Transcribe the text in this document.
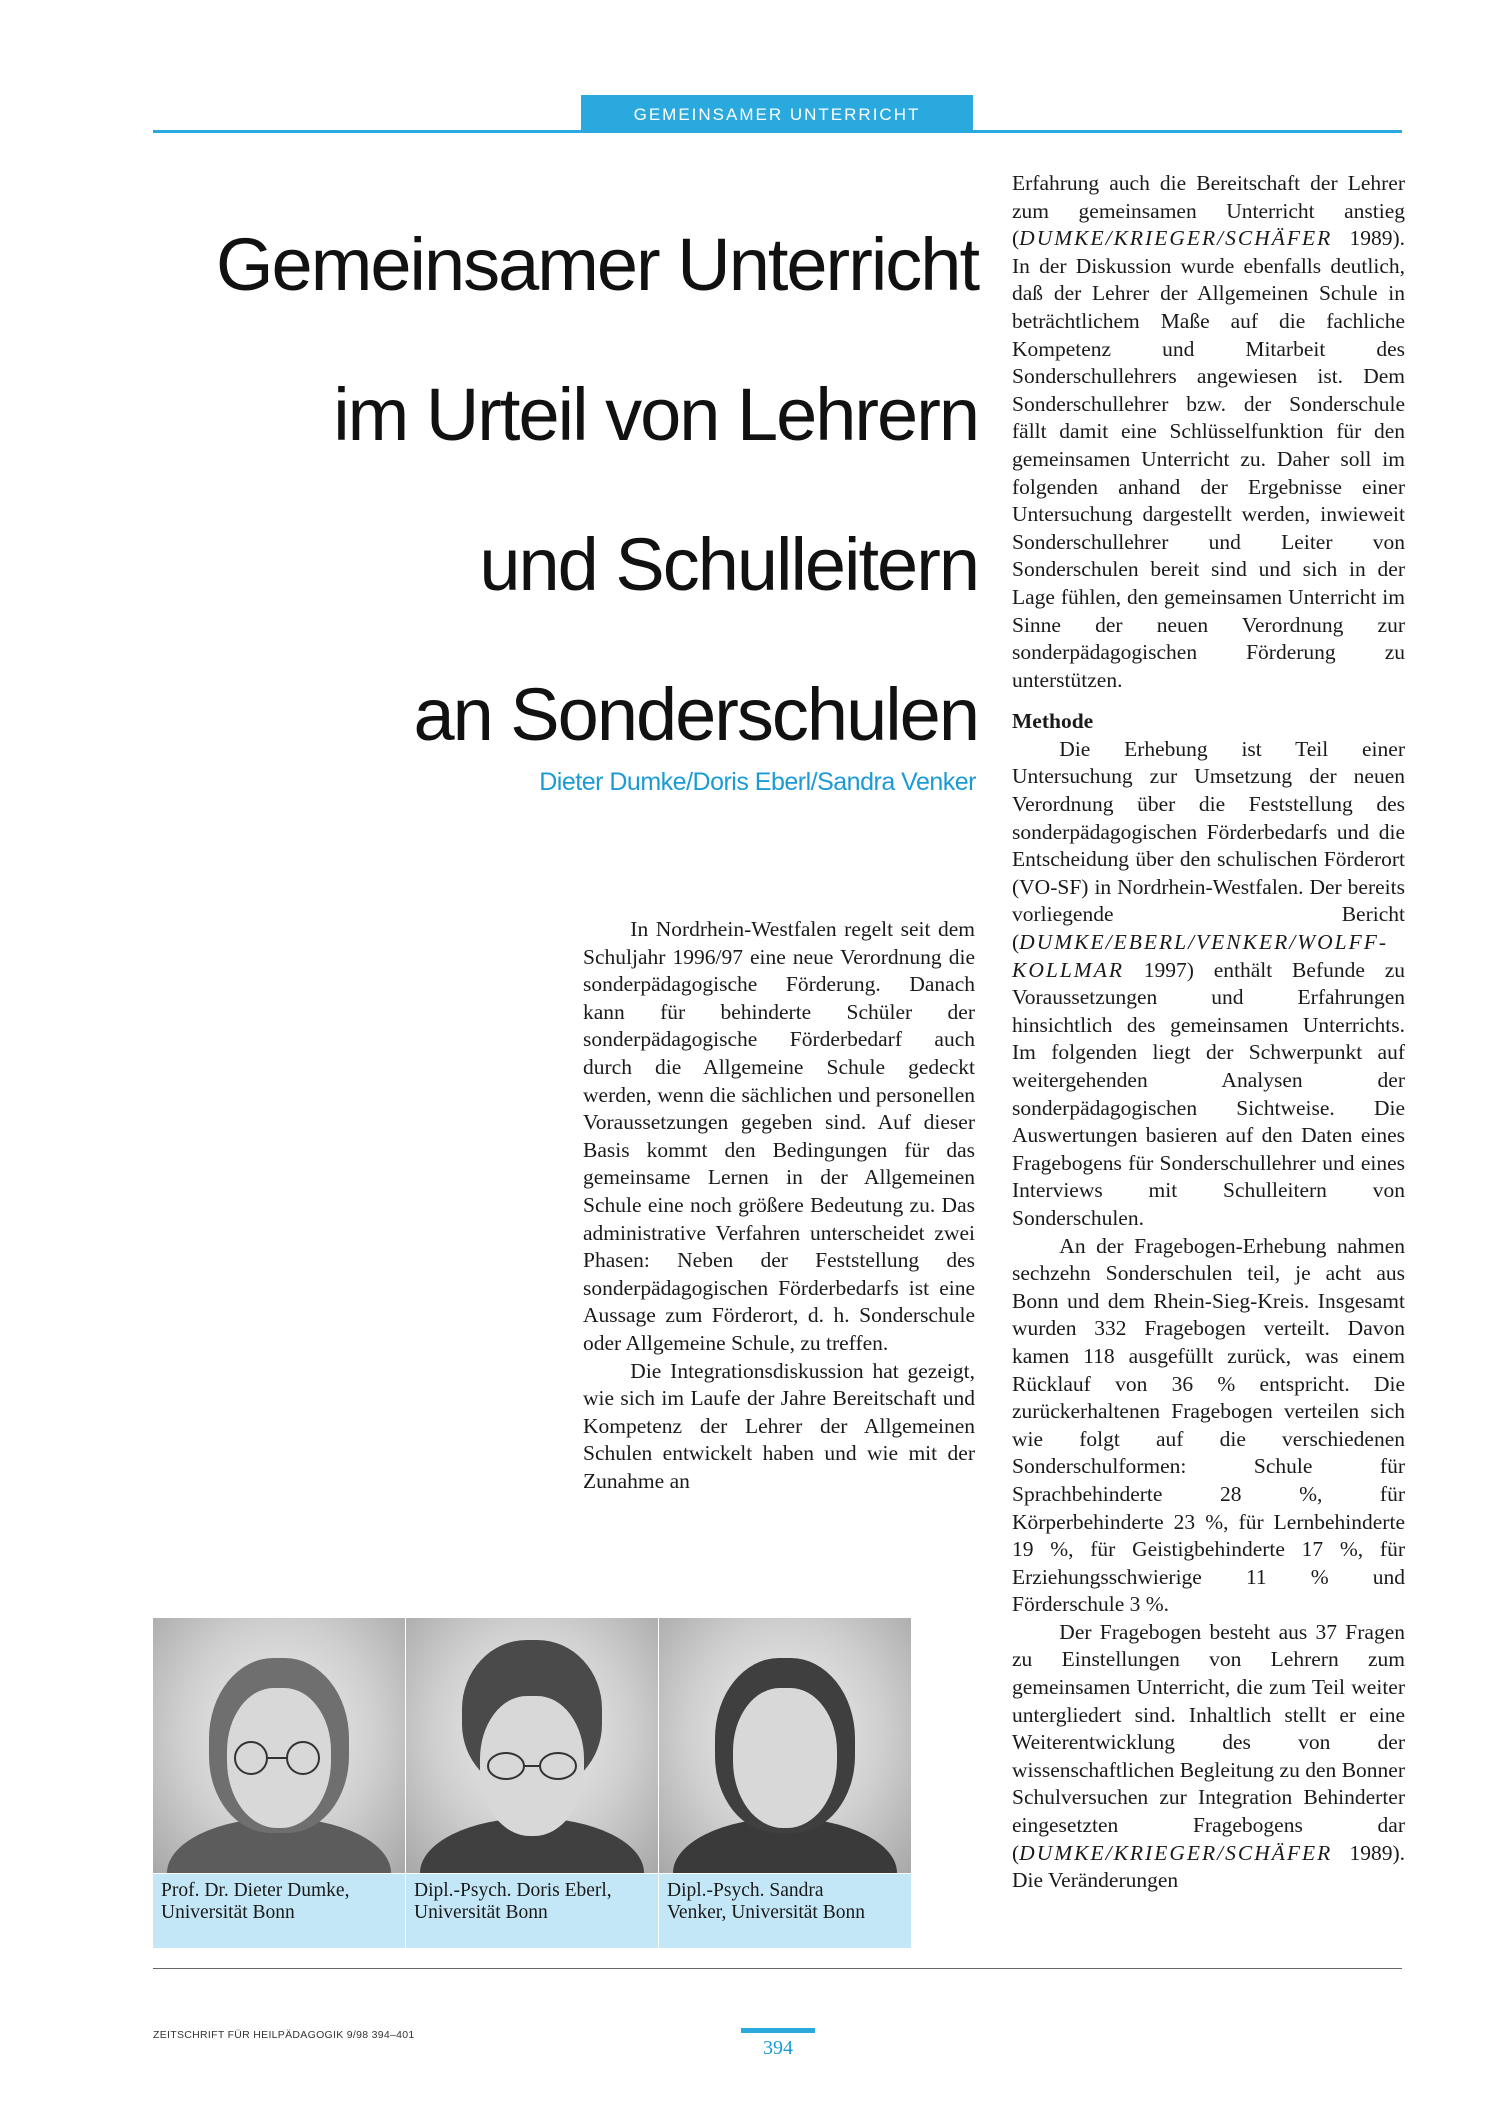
GEMEINSAMER UNTERRICHT
Gemeinsamer Unterricht
im Urteil von Lehrern
und Schulleitern
an Sonderschulen
Dieter Dumke/Doris Eberl/Sandra Venker

In Nordrhein-Westfalen regelt seit dem Schuljahr 1996/97 eine neue Verordnung die sonderpädagogische Förderung. Danach kann für behinderte Schüler der sonderpädagogische Förderbedarf auch durch die Allgemeine Schule gedeckt werden, wenn die sächlichen und personellen Voraussetzungen gegeben sind. Auf dieser Basis kommt den Bedingungen für das gemeinsame Lernen in der Allgemeinen Schule eine noch größere Bedeutung zu. Das administrative Verfahren unterscheidet zwei Phasen: Neben der Feststellung des sonderpädagogischen Förderbedarfs ist eine Aussage zum Förderort, d. h. Sonderschule oder Allgemeine Schule, zu treffen.

Die Integrationsdiskussion hat gezeigt, wie sich im Laufe der Jahre Bereitschaft und Kompetenz der Lehrer der Allgemeinen Schulen entwickelt haben und wie mit der Zunahme an

Erfahrung auch die Bereitschaft der Lehrer zum gemeinsamen Unterricht anstieg (DUMKE/KRIEGER/SCHÄFER 1989). In der Diskussion wurde ebenfalls deutlich, daß der Lehrer der Allgemeinen Schule in beträchtlichem Maße auf die fachliche Kompetenz und Mitarbeit des Sonderschullehrers angewiesen ist. Dem Sonderschullehrer bzw. der Sonderschule fällt damit eine Schlüsselfunktion für den gemeinsamen Unterricht zu. Daher soll im folgenden anhand der Ergebnisse einer Untersuchung dargestellt werden, inwieweit Sonderschullehrer und Leiter von Sonderschulen bereit sind und sich in der Lage fühlen, den gemeinsamen Unterricht im Sinne der neuen Verordnung zur sonderpädagogischen Förderung zu unterstützen.

Methode

Die Erhebung ist Teil einer Untersuchung zur Umsetzung der neuen Verordnung über die Feststellung des sonderpädagogischen Förderbedarfs und die Entscheidung über den schulischen Förderort (VO-SF) in Nordrhein-Westfalen. Der bereits vorliegende Bericht (DUMKE/EBERL/VENKER/WOLFF-KOLLMAR 1997) enthält Befunde zu Voraussetzungen und Erfahrungen hinsichtlich des gemeinsamen Unterrichts. Im folgenden liegt der Schwerpunkt auf weitergehenden Analysen der sonderpädagogischen Sichtweise. Die Auswertungen basieren auf den Daten eines Fragebogens für Sonderschullehrer und eines Interviews mit Schulleitern von Sonderschulen.

An der Fragebogen-Erhebung nahmen sechzehn Sonderschulen teil, je acht aus Bonn und dem Rhein-Sieg-Kreis. Insgesamt wurden 332 Fragebogen verteilt. Davon kamen 118 ausgefüllt zurück, was einem Rücklauf von 36 % entspricht. Die zurückerhaltenen Fragebogen verteilen sich wie folgt auf die verschiedenen Sonderschulformen: Schule für Sprachbehinderte 28 %, für Körperbehinderte 23 %, für Lernbehinderte 19 %, für Geistigbehinderte 17 %, für Erziehungsschwierige 11 % und Förderschule 3 %.

Der Fragebogen besteht aus 37 Fragen zu Einstellungen von Lehrern zum gemeinsamen Unterricht, die zum Teil weiter untergliedert sind. Inhaltlich stellt er eine Weiterentwicklung des von der wissenschaftlichen Begleitung zu den Bonner Schulversuchen zur Integration Behinderter eingesetzten Fragebogens dar (DUMKE/KRIEGER/SCHÄFER 1989). Die Veränderungen

Prof. Dr. Dieter Dumke,
Universität Bonn
Dipl.-Psych. Doris Eberl,
Universität Bonn
Dipl.-Psych. Sandra
Venker, Universität Bonn
ZEITSCHRIFT FÜR HEILPÄDAGOGIK 9/98 394–401
394
